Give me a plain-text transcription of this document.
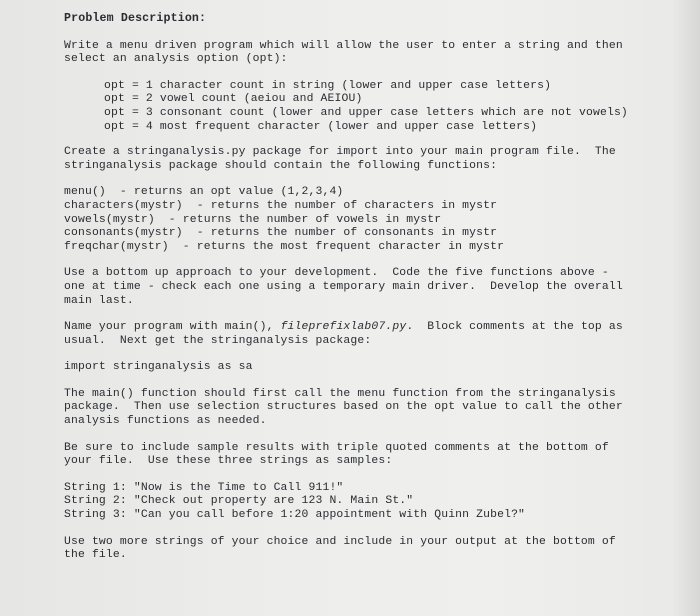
Problem Description:
Write a menu driven program which will allow the user to enter a string and then
select an analysis option (opt):
opt = 1 character count in string (lower and upper case letters)
opt = 2 vowel count (aeiou and AEIOU)
opt = 3 consonant count (lower and upper case letters which are not vowels)
opt = 4 most frequent character (lower and upper case letters)
Create a stringanalysis.py package for import into your main program file.  The
stringanalysis package should contain the following functions:
menu()  - returns an opt value (1,2,3,4)
characters(mystr)  - returns the number of characters in mystr
vowels(mystr)  - returns the number of vowels in mystr
consonants(mystr)  - returns the number of consonants in mystr
freqchar(mystr)  - returns the most frequent character in mystr
Use a bottom up approach to your development.  Code the five functions above -
one at time - check each one using a temporary main driver.  Develop the overall
main last.
Name your program with main(), fileprefixlab07.py.  Block comments at the top as
usual.  Next get the stringanalysis package:
import stringanalysis as sa
The main() function should first call the menu function from the stringanalysis
package.  Then use selection structures based on the opt value to call the other
analysis functions as needed.
Be sure to include sample results with triple quoted comments at the bottom of
your file.  Use these three strings as samples:
String 1: "Now is the Time to Call 911!"
String 2: "Check out property are 123 N. Main St."
String 3: "Can you call before 1:20 appointment with Quinn Zubel?"
Use two more strings of your choice and include in your output at the bottom of
the file.
